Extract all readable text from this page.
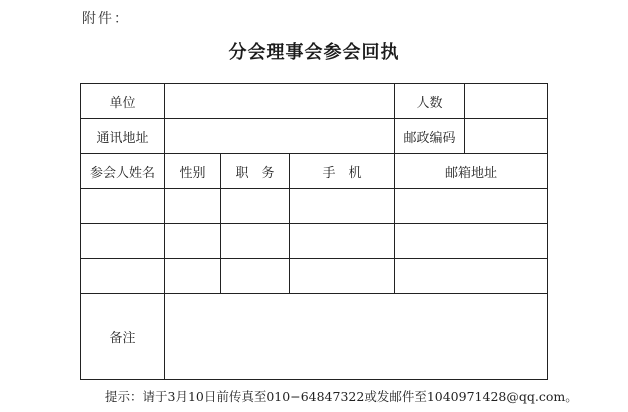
附件：
分会理事会参会回执
单位				人数	
通讯地址				邮政编码	
参会人姓名	性别	职　务	手　机	邮箱地址	

备注					
提示：请于3月10日前传真至010−64847322或发邮件至1040971428@qq.com。
